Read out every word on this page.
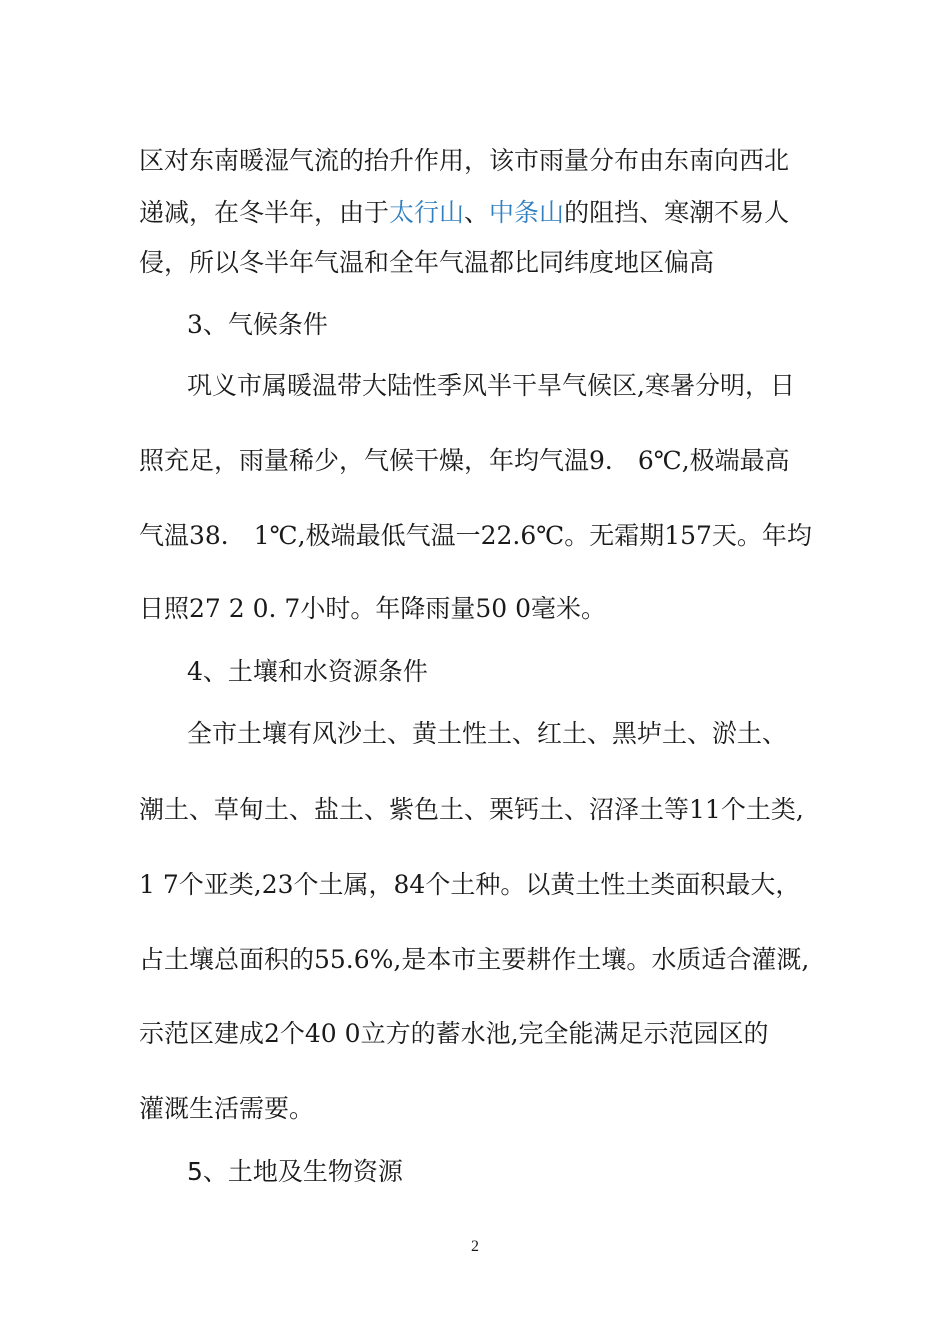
区对东南暖湿气流的抬升作用，该市雨量分布由东南向西北
递减，在冬半年，由于太行山、中条山的阻挡、寒潮不易人
侵，所以冬半年气温和全年气温都比同纬度地区偏高
3、气候条件
巩义市属暖温带大陆性季风半干旱气候区,寒暑分明，日
照充足，雨量稀少，气候干燥，年均气温9． 6℃,极端最高
气温38． 1℃,极端最低气温一22.6℃。无霜期157天。年均
日照27 2 0. 7小时。年降雨量50 0毫米。
4、土壤和水资源条件
全市土壤有风沙土、黄土性土、红土、黑垆土、淤土、
潮土、草甸土、盐土、紫色土、栗钙土、沼泽土等11个土类,
1 7个亚类,23个土属，84个土种。以黄土性土类面积最大，
占土壤总面积的55.6%,是本市主要耕作土壤。水质适合灌溉,
示范区建成2个40 0立方的蓄水池,完全能满足示范园区的
灌溉生活需要。
5、土地及生物资源
2
